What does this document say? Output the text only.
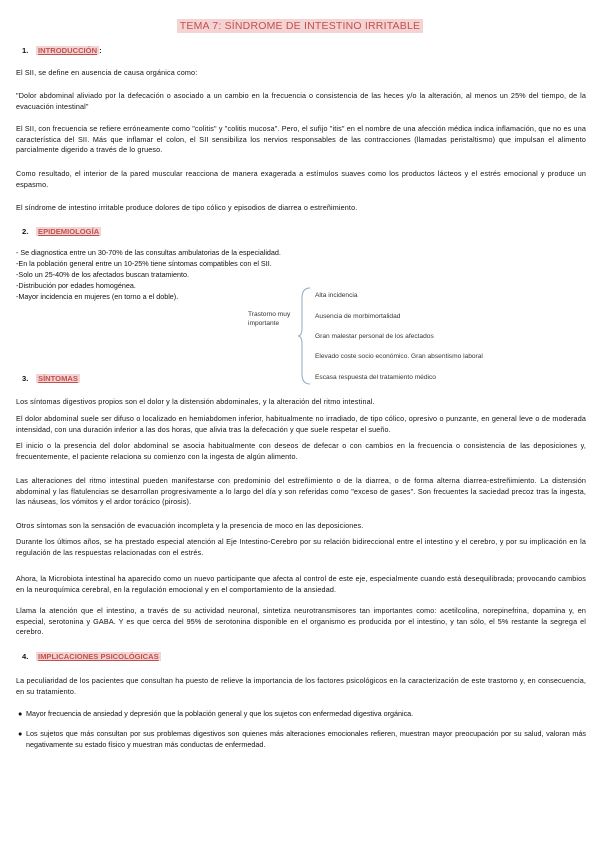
TEMA 7: SÍNDROME DE INTESTINO IRRITABLE
1. INTRODUCCIÓN :
El SII, se define en ausencia de causa orgánica como:
"Dolor abdominal aliviado por la defecación o asociado a un cambio en la frecuencia o consistencia de las heces y/o la alteración, al menos un 25% del tiempo, de la evacuación intestinal"
El SII, con frecuencia se refiere erróneamente como "colitis" y "colitis mucosa". Pero, el sufijo "itis" en el nombre de una afección médica indica inflamación, que no es una característica del SII. Más que inflamar el colon, el SII sensibiliza los nervios responsables de las contracciones (llamadas peristaltismo) que impulsan el alimento parcialmente digerido a través de lo grueso.
Como resultado, el interior de la pared muscular reacciona de manera exagerada a estímulos suaves como los productos lácteos y el estrés emocional y produce un espasmo.
El síndrome de intestino irritable produce dolores de tipo cólico y episodios de diarrea o estreñimiento.
2. EPIDEMIOLOGÍA
- Se diagnostica entre un 30-70% de las consultas ambulatorias de la especialidad.
-En la población general entre un 10-25% tiene síntomas compatibles con el SII.
-Solo un 25-40% de los afectados buscan tratamiento.
-Distribución por edades homogénea.
-Mayor incidencia en mujeres (en torno a el doble).
Trastorno muy importante
Alta incidencia
Ausencia de morbimortalidad
Gran malestar personal de los afectados
Elevado coste socio económico. Gran absentismo laboral
Escasa respuesta del tratamiento médico
3. SÍNTOMAS
Los síntomas digestivos propios son el dolor y la distensión abdominales, y la alteración del ritmo intestinal.
El dolor abdominal suele ser difuso o localizado en hemiabdomen inferior, habitualmente no irradiado, de tipo cólico, opresivo o punzante, en general leve o de moderada intensidad, con una duración inferior a las dos horas, que alivia tras la defecación y que suele respetar el sueño.
El inicio o la presencia del dolor abdominal se asocia habitualmente con deseos de defecar o con cambios en la frecuencia o consistencia de las deposiciones y, frecuentemente, el paciente relaciona su comienzo con la ingesta de algún alimento.
Las alteraciones del ritmo intestinal pueden manifestarse con predominio del estreñimiento o de la diarrea, o de forma alterna diarrea-estreñimiento. La distensión abdominal y las flatulencias se desarrollan progresivamente a lo largo del día y son referidas como "exceso de gases". Son frecuentes la saciedad precoz tras la ingesta, las náuseas, los vómitos y el ardor torácico (pirosis).
Otros síntomas son la sensación de evacuación incompleta y la presencia de moco en las deposiciones.
Durante los últimos años, se ha prestado especial atención al Eje Intestino-Cerebro por su relación bidireccional entre el intestino y el cerebro, y por su implicación en la regulación de las respuestas relacionadas con el estrés.
Ahora, la Microbiota intestinal ha aparecido como un nuevo participante que afecta al control de este eje, especialmente cuando está desequilibrada; provocando cambios en la neuroquímica cerebral, en la regulación emocional y en el comportamiento de la ansiedad.
Llama la atención que el intestino, a través de su actividad neuronal, sintetiza neurotransmisores tan importantes como: acetilcolina, norepinefrina, dopamina y, en especial, serotonina y GABA. Y es que cerca del 95% de serotonina disponible en el organismo es producida por el intestino, y tan sólo, el 5% restante la segrega el cerebro.
4. IMPLICACIONES PSICOLÓGICAS
La peculiaridad de los pacientes que consultan ha puesto de relieve la importancia de los factores psicológicos en la caracterización de este trastorno y, en consecuencia, en su tratamiento.
● Mayor frecuencia de ansiedad y depresión que la población general y que los sujetos con enfermedad digestiva orgánica.
● Los sujetos que más consultan por sus problemas digestivos son quienes más alteraciones emocionales refieren, muestran mayor preocupación por su salud, valoran más negativamente su estado físico y muestran más conductas de enfermedad.
